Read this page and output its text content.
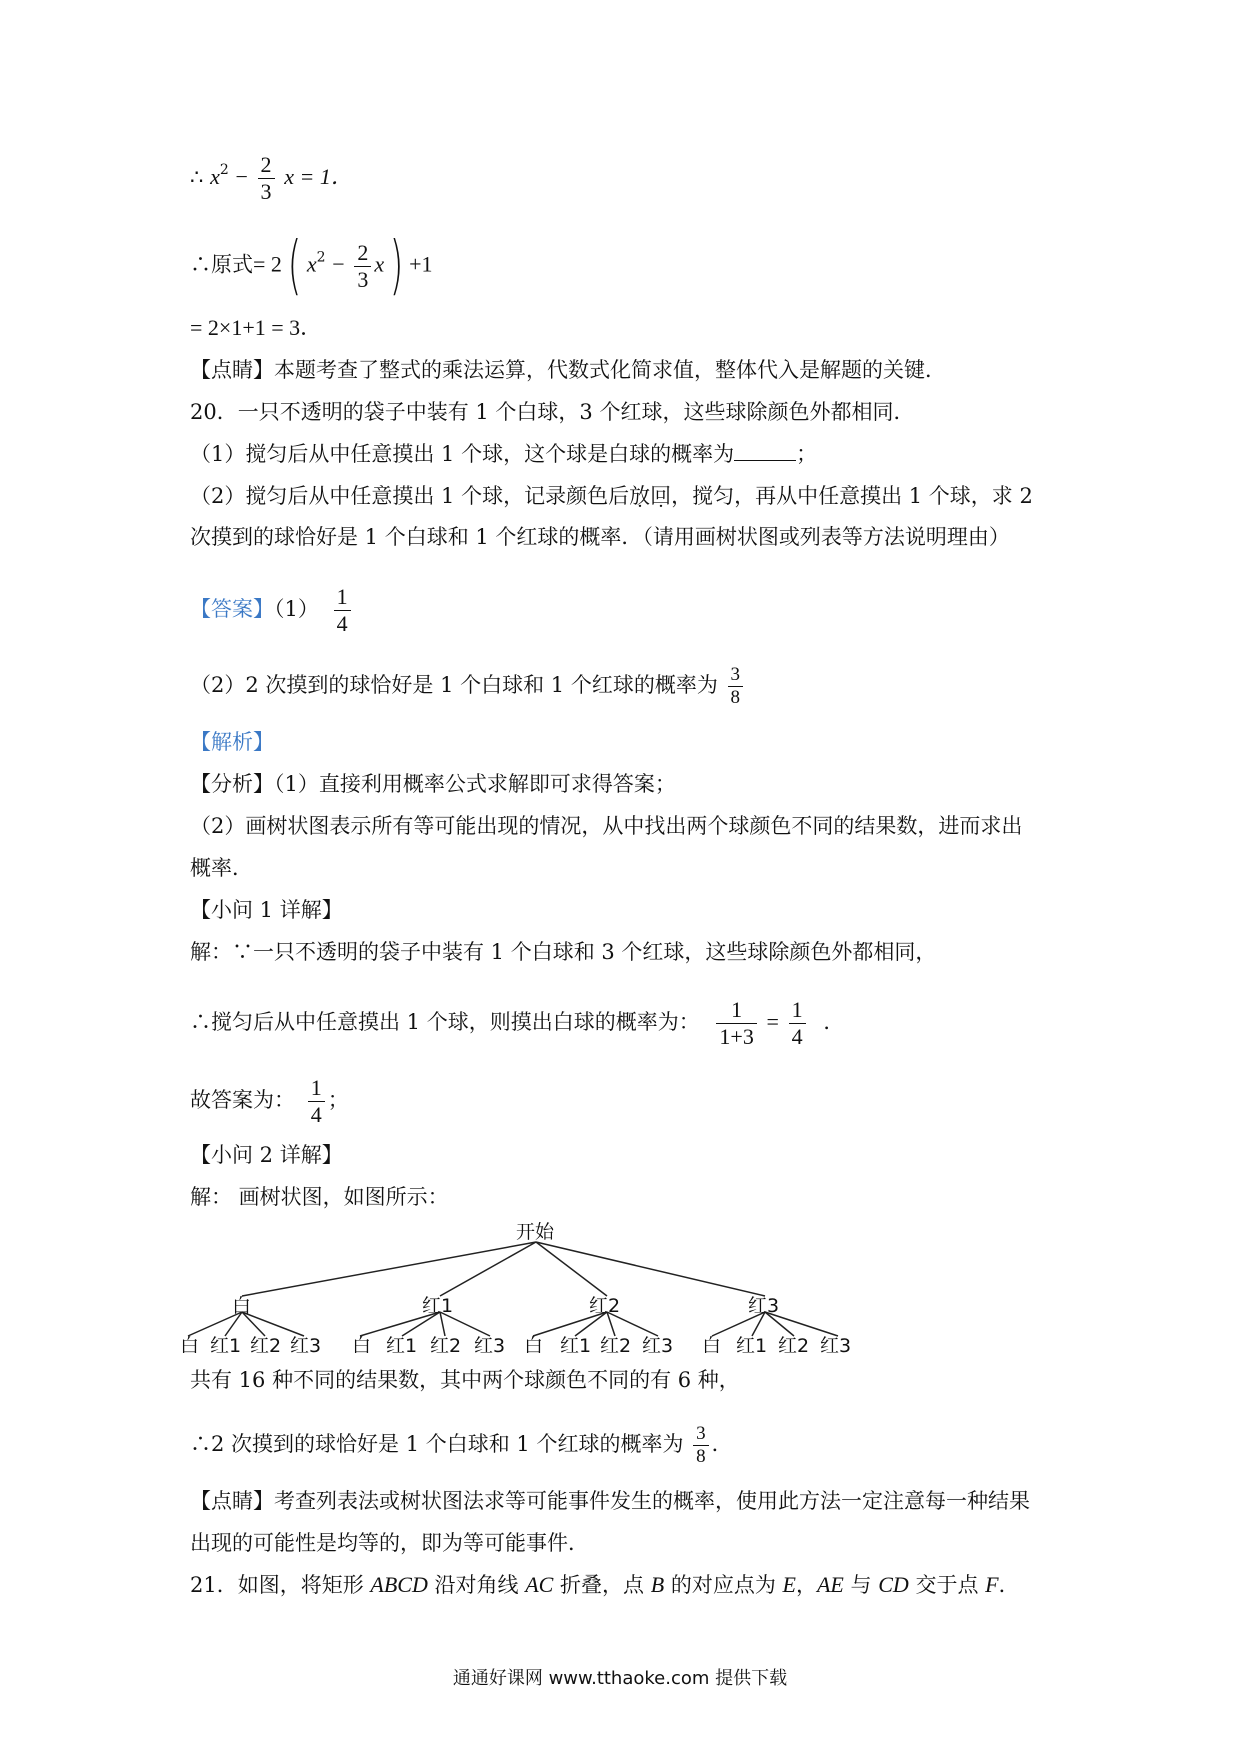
∴ $x^2 - \frac{2}{3}$ x = 1．
∴原式= 2( $x^2 - \frac{2}{3} x) +1$
= 2×1+1 = 3．
【点睛】本题考查了整式的乘法运算，代数式化简求值，整体代入是解题的关键．
20．一只不透明的袋子中装有 1 个白球，3 个红球，这些球除颜色外都相同．
（1）搅匀后从中任意摸出 1 个球，这个球是白球的概率为	；
（2）搅匀后从中任意摸出 1 个球，记录颜色后放回，搅匀，再从中任意摸出 1 个球，求 2
次摸到的球恰好是 1 个白球和 1 个红球的概率．（请用画树状图或列表等方法说明理由）
【答案】$(1) \frac{1}{4}$
（2）2 次摸到的球恰好是 1 个白球和 1 个红球的概率为 $\frac{3}{8}$
【解析】
【分析】（1）直接利用概率公式求解即可求得答案；
（2）画树状图表示所有等可能出现的情况，从中找出两个球颜色不同的结果数，进而求出
概率．
【小问 1 详解】
解：∵一只不透明的袋子中装有 1 个白球和 3 个红球，这些球除颜色外都相同，
∴搅匀后从中任意摸出 1 个球，则摸出白球的概率为： $\frac{1}{1+3} = \frac{1}{4}$ ．
故答案为： $\frac{1}{4}$ ；
【小问 2 详解】
解： 画树状图，如图所示：
开始
白	红1	红2	红3
白 红1 红2 红3 白 红1 红2 红3 白 红1 红2 红3 白 红1 红2 红3
共有 16 种不同的结果数，其中两个球颜色不同的有 6 种，
∴2 次摸到的球恰好是 1 个白球和 1 个红球的概率为 $\frac{3}{8}$ ．
【点睛】考查列表法或树状图法求等可能事件发生的概率，使用此方法一定注意每一种结果
出现的可能性是均等的，即为等可能事件．
21．如图，将矩形 ABCD 沿对角线 AC 折叠，点 B 的对应点为 E，AE 与 CD 交于点 F．
通通好课网 www.tthaoke.com 提供下载
